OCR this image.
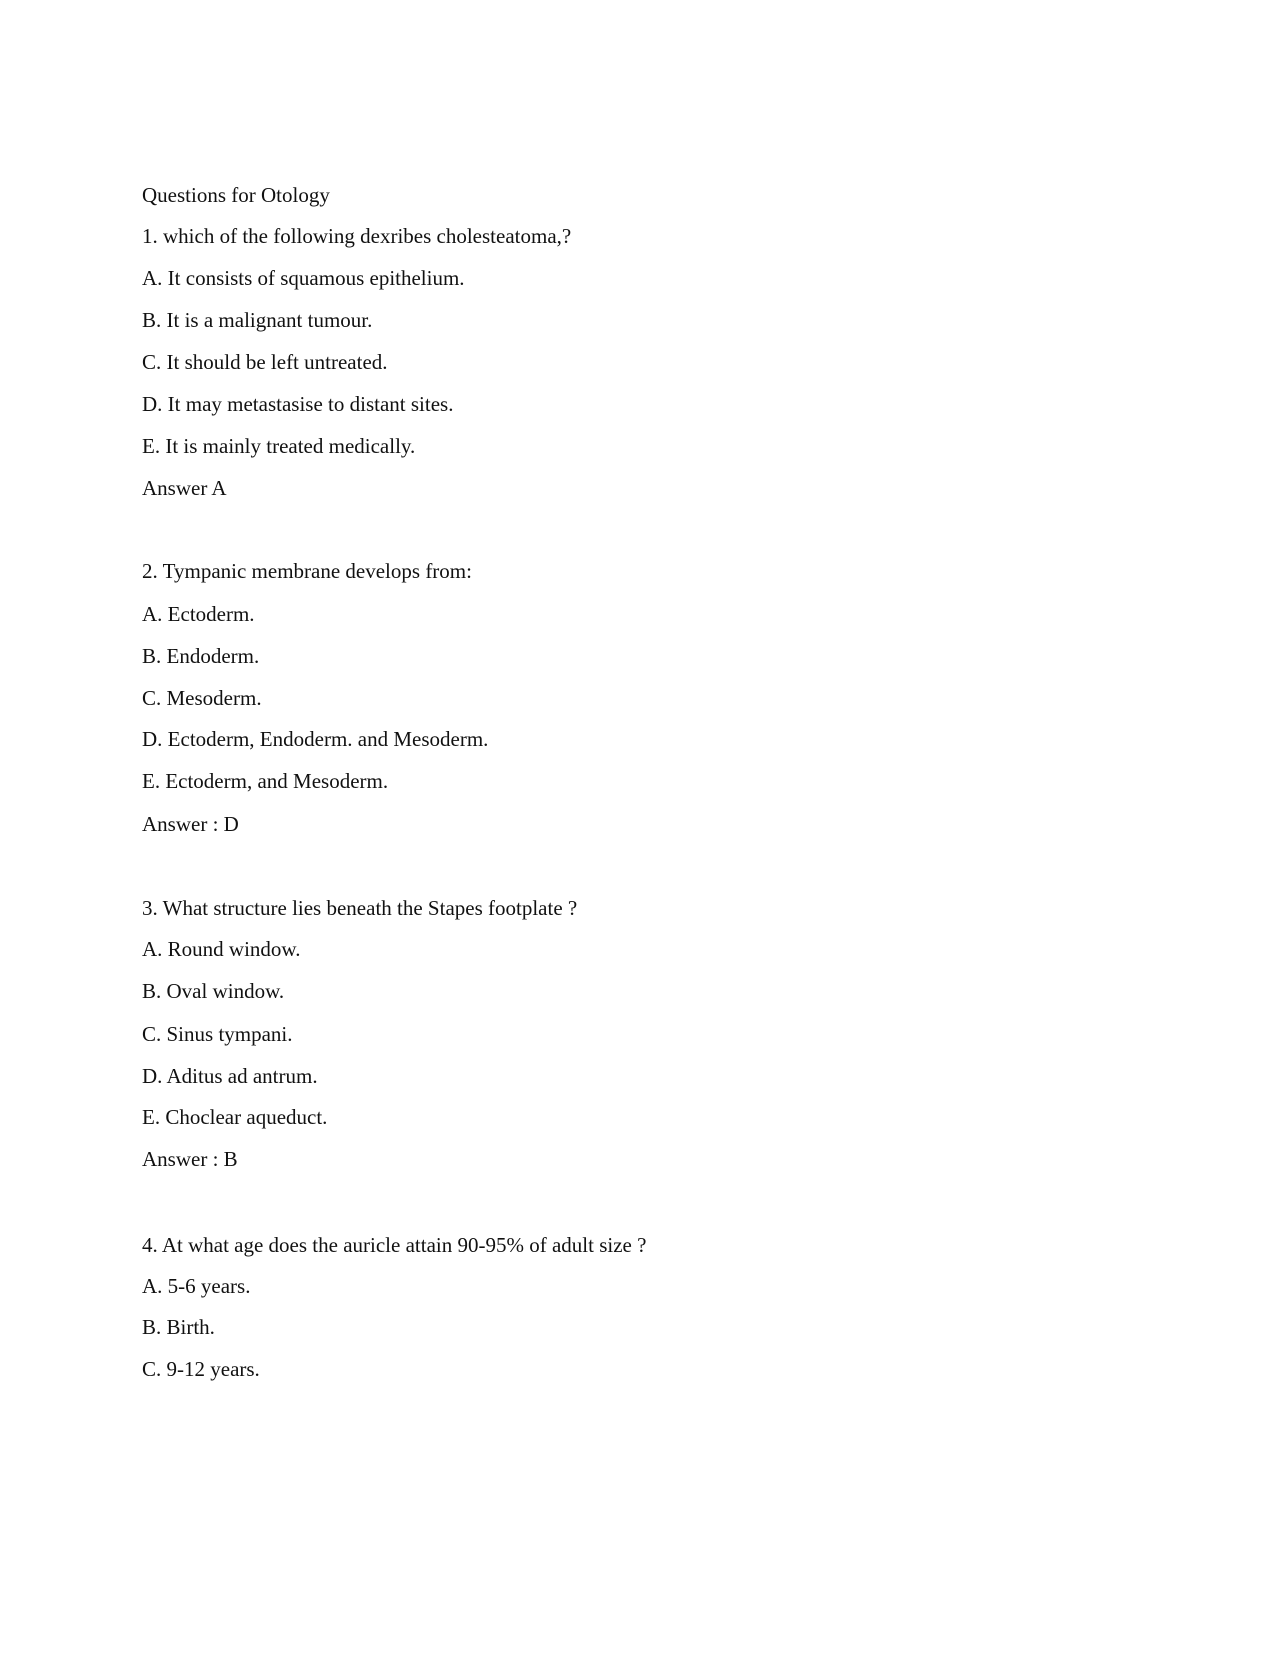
Questions for Otology
1. which of the following dexribes cholesteatoma,?
A. It consists of squamous epithelium.
B. It is a malignant tumour.
C. It should be left untreated.
D. It may metastasise to distant sites.
E. It is mainly treated medically.
Answer A
2. Tympanic membrane develops from:
A. Ectoderm.
B. Endoderm.
C. Mesoderm.
D. Ectoderm, Endoderm. and Mesoderm.
E. Ectoderm, and Mesoderm.
Answer : D
3. What structure lies beneath the Stapes footplate ?
A. Round window.
B. Oval window.
C. Sinus tympani.
D. Aditus ad antrum.
E. Choclear aqueduct.
Answer : B
4. At what age does the auricle attain 90-95% of adult size ?
A. 5-6 years.
B. Birth.
C. 9-12 years.
